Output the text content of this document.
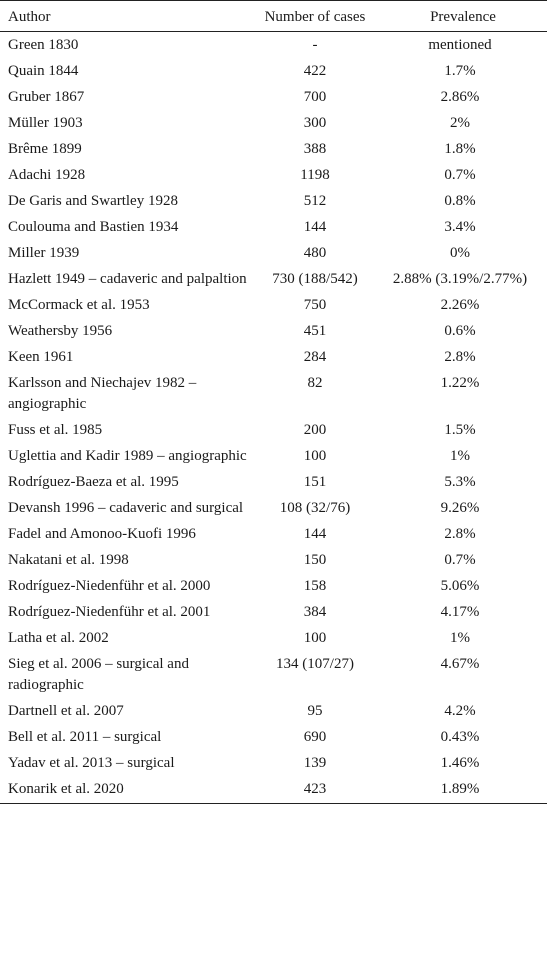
Author	Number of cases	Prevalence
Green 1830	-	mentioned
Quain 1844	422	1.7%
Gruber 1867	700	2.86%
Müller 1903	300	2%
Brême 1899	388	1.8%
Adachi 1928	1198	0.7%
De Garis and Swartley 1928	512	0.8%
Coulouma and Bastien 1934	144	3.4%
Miller 1939	480	0%
Hazlett 1949 – cadaveric and palpaltion	730 (188/542)	2.88% (3.19%/2.77%)
McCormack et al. 1953	750	2.26%
Weathersby 1956	451	0.6%
Keen 1961	284	2.8%
Karlsson and Niechajev 1982 – angiographic	82	1.22%
Fuss et al. 1985	200	1.5%
Uglettia and Kadir 1989 – angiographic	100	1%
Rodríguez-Baeza et al. 1995	151	5.3%
Devansh 1996 – cadaveric and surgical	108 (32/76)	9.26%
Fadel and Amonoo-Kuofi 1996	144	2.8%
Nakatani et al. 1998	150	0.7%
Rodríguez-Niedenführ et al. 2000	158	5.06%
Rodríguez-Niedenführ et al. 2001	384	4.17%
Latha et al. 2002	100	1%
Sieg et al. 2006 – surgical and radiographic	134 (107/27)	4.67%
Dartnell et al. 2007	95	4.2%
Bell et al. 2011 – surgical	690	0.43%
Yadav et al. 2013 – surgical	139	1.46%
Konarik et al. 2020	423	1.89%
